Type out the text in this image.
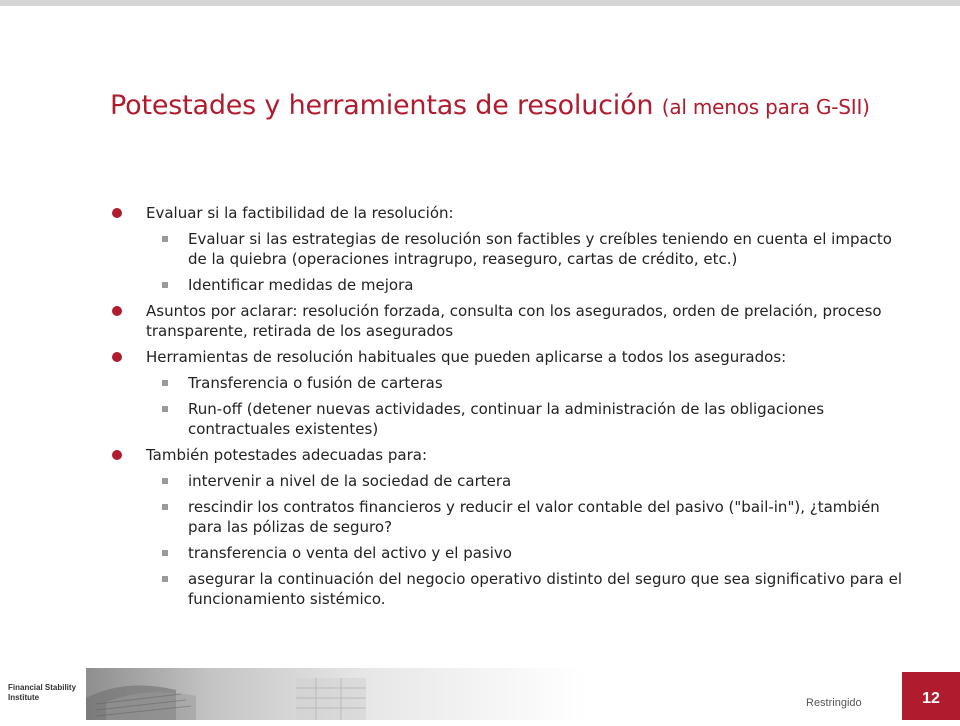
Potestades y herramientas de resolución (al menos para G-SII)
Evaluar si la factibilidad de la resolución:
Evaluar si las estrategias de resolución son factibles y creíbles teniendo en cuenta el impacto de la quiebra (operaciones intragrupo, reaseguro, cartas de crédito, etc.)
Identificar medidas de mejora
Asuntos por aclarar: resolución forzada, consulta con los asegurados, orden de prelación, proceso transparente, retirada de los asegurados
Herramientas de resolución habituales que pueden aplicarse a todos los asegurados:
Transferencia o fusión de carteras
Run-off (detener nuevas actividades, continuar la administración de las obligaciones contractuales existentes)
También potestades adecuadas para:
intervenir a nivel de la sociedad de cartera
rescindir los contratos financieros y reducir el valor contable del pasivo ("bail-in"), ¿también para las pólizas de seguro?
transferencia o venta del activo y el pasivo
asegurar la continuación del negocio operativo distinto del seguro que sea significativo para el funcionamiento sistémico.
Financial Stability
Institute	Restringido	12
